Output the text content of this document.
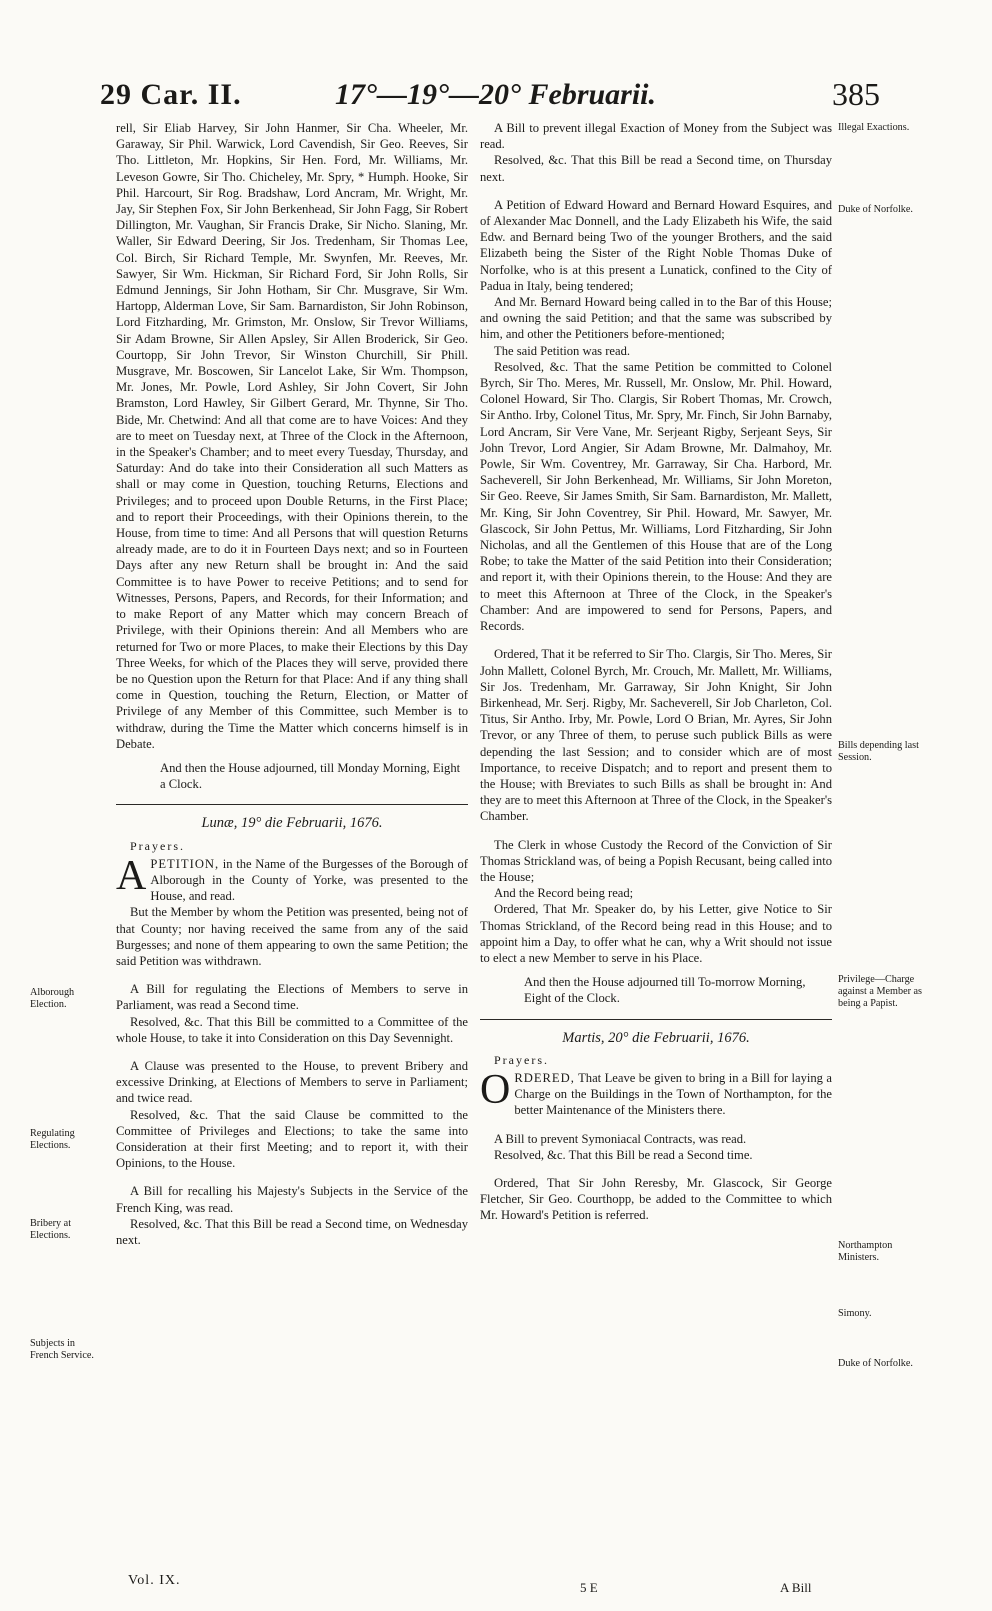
29 Car. II.	17°—19°—20° Februarii.	385

rell, Sir Eliab Harvey, Sir John Hanmer, Sir Cha. Wheeler, Mr. Garaway, Sir Phil. Warwick, Lord Cavendish, Sir Geo. Reeves, Sir Tho. Littleton, Mr. Hopkins, Sir Hen. Ford, Mr. Williams, Mr. Leveson Gowre, Sir Tho. Chicheley, Mr. Spry, * Humph. Hooke, Sir Phil. Harcourt, Sir Rog. Bradshaw, Lord Ancram, Mr. Wright, Mr. Jay, Sir Stephen Fox, Sir John Berkenhead, Sir John Fagg, Sir Robert Dillington, Mr. Vaughan, Sir Francis Drake, Sir Nicho. Slaning, Mr. Waller, Sir Edward Deering, Sir Jos. Tredenham, Sir Thomas Lee, Col. Birch, Sir Richard Temple, Mr. Swynfen, Mr. Reeves, Mr. Sawyer, Sir Wm. Hickman, Sir Richard Ford, Sir John Rolls, Sir Edmund Jennings, Sir John Hotham, Sir Chr. Musgrave, Sir Wm. Hartopp, Alderman Love, Sir Sam. Barnardiston, Sir John Robinson, Lord Fitzharding, Mr. Grimston, Mr. Onslow, Sir Trevor Williams, Sir Adam Browne, Sir Allen Apsley, Sir Allen Broderick, Sir Geo. Courtopp, Sir John Trevor, Sir Winston Churchill, Sir Phill. Musgrave, Mr. Boscowen, Sir Lancelot Lake, Sir Wm. Thompson, Mr. Jones, Mr. Powle, Lord Ashley, Sir John Covert, Sir John Bramston, Lord Hawley, Sir Gilbert Gerard, Mr. Thynne, Sir Tho. Bide, Mr. Chetwind: And all that come are to have Voices: And they are to meet on Tuesday next, at Three of the Clock in the Afternoon, in the Speaker's Chamber; and to meet every Tuesday, Thursday, and Saturday: And do take into their Consideration all such Matters as shall or may come in Question, touching Returns, Elections and Privileges; and to proceed upon Double Returns, in the First Place; and to report their Proceedings, with their Opinions therein, to the House, from time to time: And all Persons that will question Returns already made, are to do it in Fourteen Days next; and so in Fourteen Days after any new Return shall be brought in: And the said Committee is to have Power to receive Petitions; and to send for Witnesses, Persons, Papers, and Records, for their Information; and to make Report of any Matter which may concern Breach of Privilege, with their Opinions therein: And all Members who are returned for Two or more Places, to make their Elections by this Day Three Weeks, for which of the Places they will serve, provided there be no Question upon the Return for that Place: And if any thing shall come in Question, touching the Return, Election, or Matter of Privilege of any Member of this Committee, such Member is to withdraw, during the Time the Matter which concerns himself is in Debate.

And then the House adjourned, till Monday Morning, Eight a Clock.

Lunæ, 19° die Februarii, 1676.
Prayers.

APETITION, in the Name of the Burgesses of the Borough of Alborough in the County of Yorke, was presented to the House, and read.

But the Member by whom the Petition was presented, being not of that County; nor having received the same from any of the said Burgesses; and none of them appearing to own the same Petition; the said Petition was withdrawn.

A Bill for regulating the Elections of Members to serve in Parliament, was read a Second time.

Resolved, &c. That this Bill be committed to a Committee of the whole House, to take it into Consideration on this Day Sevennight.

A Clause was presented to the House, to prevent Bribery and excessive Drinking, at Elections of Members to serve in Parliament; and twice read.

Resolved, &c. That the said Clause be committed to the Committee of Privileges and Elections; to take the same into Consideration at their first Meeting; and to report it, with their Opinions, to the House.

A Bill for recalling his Majesty's Subjects in the Service of the French King, was read.

Resolved, &c. That this Bill be read a Second time, on Wednesday next.

A Bill to prevent illegal Exaction of Money from the Subject was read.

Resolved, &c. That this Bill be read a Second time, on Thursday next.

A Petition of Edward Howard and Bernard Howard Esquires, and of Alexander Mac Donnell, and the Lady Elizabeth his Wife, the said Edw. and Bernard being Two of the younger Brothers, and the said Elizabeth being the Sister of the Right Noble Thomas Duke of Norfolke, who is at this present a Lunatick, confined to the City of Padua in Italy, being tendered;

And Mr. Bernard Howard being called in to the Bar of this House; and owning the said Petition; and that the same was subscribed by him, and other the Petitioners before-mentioned;

The said Petition was read.

Resolved, &c. That the same Petition be committed to Colonel Byrch, Sir Tho. Meres, Mr. Russell, Mr. Onslow, Mr. Phil. Howard, Colonel Howard, Sir Tho. Clargis, Sir Robert Thomas, Mr. Crowch, Sir Antho. Irby, Colonel Titus, Mr. Spry, Mr. Finch, Sir John Barnaby, Lord Ancram, Sir Vere Vane, Mr. Serjeant Rigby, Serjeant Seys, Sir John Trevor, Lord Angier, Sir Adam Browne, Mr. Dalmahoy, Mr. Powle, Sir Wm. Coventrey, Mr. Garraway, Sir Cha. Harbord, Mr. Sacheverell, Sir John Berkenhead, Mr. Williams, Sir John Moreton, Sir Geo. Reeve, Sir James Smith, Sir Sam. Barnardiston, Mr. Mallett, Mr. King, Sir John Coventrey, Sir Phil. Howard, Mr. Sawyer, Mr. Glascock, Sir John Pettus, Mr. Williams, Lord Fitzharding, Sir John Nicholas, and all the Gentlemen of this House that are of the Long Robe; to take the Matter of the said Petition into their Consideration; and report it, with their Opinions therein, to the House: And they are to meet this Afternoon at Three of the Clock, in the Speaker's Chamber: And are impowered to send for Persons, Papers, and Records.

Ordered, That it be referred to Sir Tho. Clargis, Sir Tho. Meres, Sir John Mallett, Colonel Byrch, Mr. Crouch, Mr. Mallett, Mr. Williams, Sir Jos. Tredenham, Mr. Garraway, Sir John Knight, Sir John Birkenhead, Mr. Serj. Rigby, Mr. Sacheverell, Sir Job Charleton, Col. Titus, Sir Antho. Irby, Mr. Powle, Lord O Brian, Mr. Ayres, Sir John Trevor, or any Three of them, to peruse such publick Bills as were depending the last Session; and to consider which are of most Importance, to receive Dispatch; and to report and present them to the House; with Breviates to such Bills as shall be brought in: And they are to meet this Afternoon at Three of the Clock, in the Speaker's Chamber.

The Clerk in whose Custody the Record of the Conviction of Sir Thomas Strickland was, of being a Popish Recusant, being called into the House;

And the Record being read;

Ordered, That Mr. Speaker do, by his Letter, give Notice to Sir Thomas Strickland, of the Record being read in this House; and to appoint him a Day, to offer what he can, why a Writ should not issue to elect a new Member to serve in his Place.

And then the House adjourned till To-morrow Morning, Eight of the Clock.

Martis, 20° die Februarii, 1676.
Prayers.

ORDERED, That Leave be given to bring in a Bill for laying a Charge on the Buildings in the Town of Northampton, for the better Maintenance of the Ministers there.

A Bill to prevent Symoniacal Contracts, was read.

Resolved, &c. That this Bill be read a Second time.

Ordered, That Sir John Reresby, Mr. Glascock, Sir George Fletcher, Sir Geo. Courthopp, be added to the Committee to which Mr. Howard's Petition is referred.

Alborough Election.
Regulating Elections.
Bribery at Elections.
Subjects in French Service.
Illegal Exactions.
Duke of Norfolke.
Bills depending last Session.
Privilege—Charge against a Member as being a Papist.
Northampton Ministers.
Simony.
Duke of Norfolke.
Vol. IX.	5 E	A Bill
